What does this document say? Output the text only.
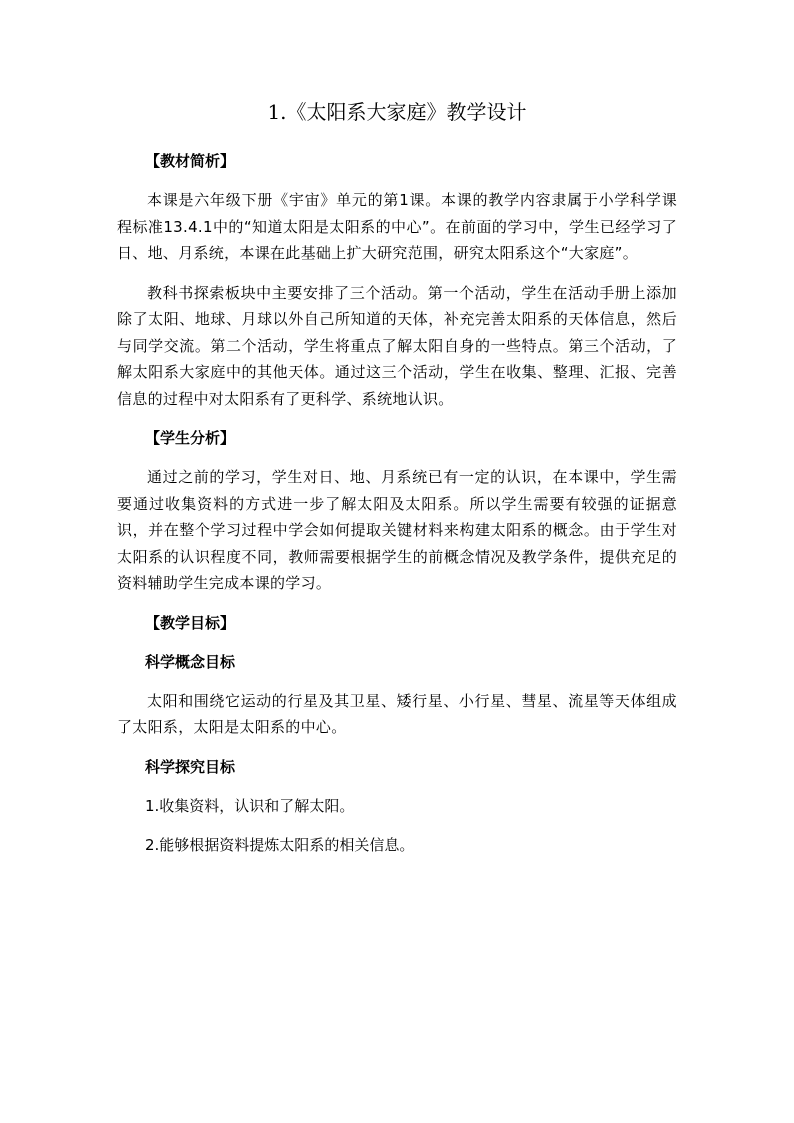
1.《太阳系大家庭》教学设计
【教材简析】

本课是六年级下册《宇宙》单元的第1课。本课的教学内容隶属于小学科学课程标准13.4.1中的“知道太阳是太阳系的中心”。在前面的学习中，学生已经学习了日、地、月系统，本课在此基础上扩大研究范围，研究太阳系这个“大家庭”。

教科书探索板块中主要安排了三个活动。第一个活动，学生在活动手册上添加除了太阳、地球、月球以外自己所知道的天体，补充完善太阳系的天体信息，然后与同学交流。第二个活动，学生将重点了解太阳自身的一些特点。第三个活动，了解太阳系大家庭中的其他天体。通过这三个活动，学生在收集、整理、汇报、完善信息的过程中对太阳系有了更科学、系统地认识。

【学生分析】

通过之前的学习，学生对日、地、月系统已有一定的认识，在本课中，学生需要通过收集资料的方式进一步了解太阳及太阳系。所以学生需要有较强的证据意识，并在整个学习过程中学会如何提取关键材料来构建太阳系的概念。由于学生对太阳系的认识程度不同，教师需要根据学生的前概念情况及教学条件，提供充足的资料辅助学生完成本课的学习。

【教学目标】
科学概念目标

太阳和围绕它运动的行星及其卫星、矮行星、小行星、彗星、流星等天体组成了太阳系，太阳是太阳系的中心。

科学探究目标
1.收集资料，认识和了解太阳。
2.能够根据资料提炼太阳系的相关信息。
